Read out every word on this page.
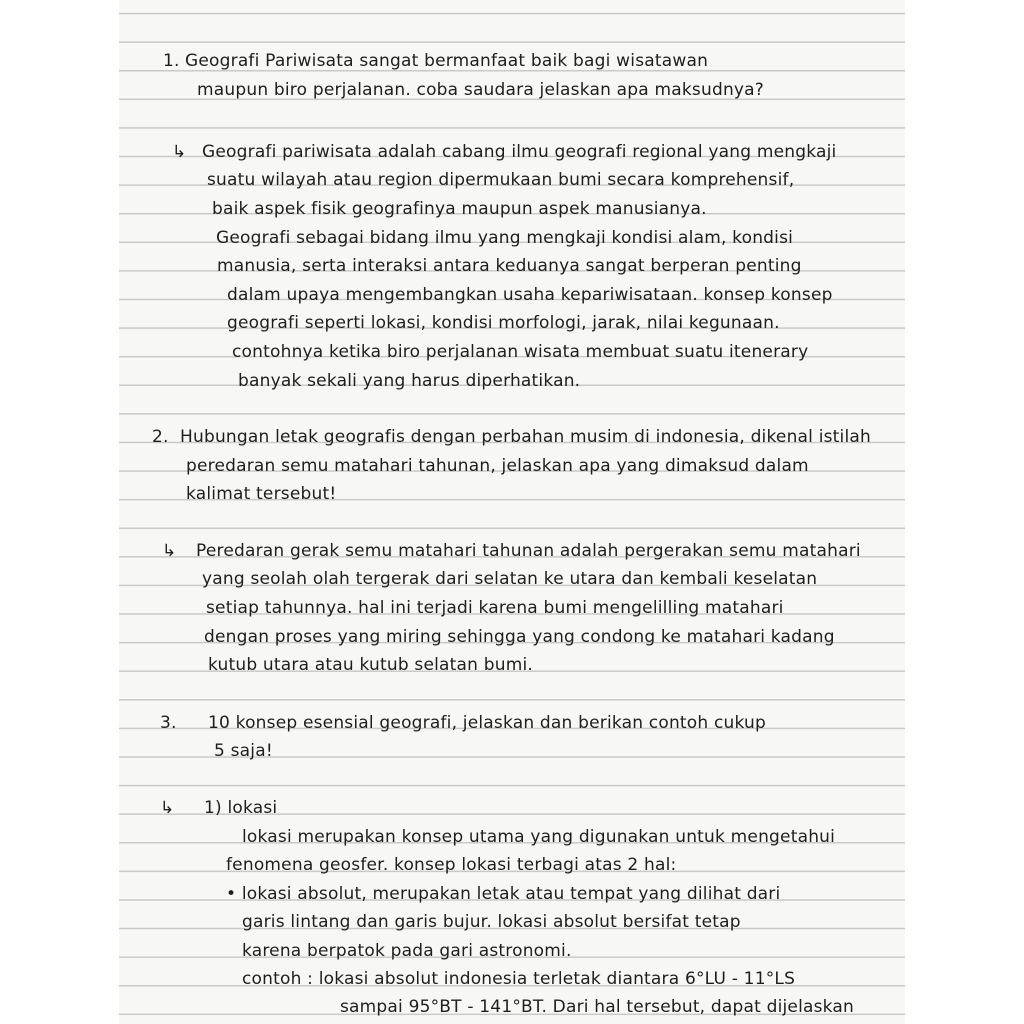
1. Geografi Pariwisata sangat bermanfaat baik bagi wisatawan
maupun biro perjalanan. coba saudara jelaskan apa maksudnya?
↳ Geografi pariwisata adalah cabang ilmu geografi regional yang mengkaji
suatu wilayah atau region dipermukaan bumi secara komprehensif,
baik aspek fisik geografinya maupun aspek manusianya.
Geografi sebagai bidang ilmu yang mengkaji kondisi alam, kondisi
manusia, serta interaksi antara keduanya sangat berperan penting
dalam upaya mengembangkan usaha kepariwisataan. konsep konsep
geografi seperti lokasi, kondisi morfologi, jarak, nilai kegunaan.
contohnya ketika biro perjalanan wisata membuat suatu itenerary
banyak sekali yang harus diperhatikan.
2. Hubungan letak geografis dengan perbahan musim di indonesia, dikenal istilah
peredaran semu matahari tahunan, jelaskan apa yang dimaksud dalam
kalimat tersebut!
↳ Peredaran gerak semu matahari tahunan adalah pergerakan semu matahari
yang seolah olah tergerak dari selatan ke utara dan kembali keselatan
setiap tahunnya. hal ini terjadi karena bumi mengelilling matahari
dengan proses yang miring sehingga yang condong ke matahari kadang
kutub utara atau kutub selatan bumi.
3. 10 konsep esensial geografi, jelaskan dan berikan contoh cukup
5 saja!
↳ 1) lokasi
lokasi merupakan konsep utama yang digunakan untuk mengetahui
fenomena geosfer. konsep lokasi terbagi atas 2 hal:
• lokasi absolut, merupakan letak atau tempat yang dilihat dari
garis lintang dan garis bujur. lokasi absolut bersifat tetap
karena berpatok pada gari astronomi.
contoh : lokasi absolut indonesia terletak diantara 6°LU - 11°LS
sampai 95°BT - 141°BT. Dari hal tersebut, dapat dijelaskan
